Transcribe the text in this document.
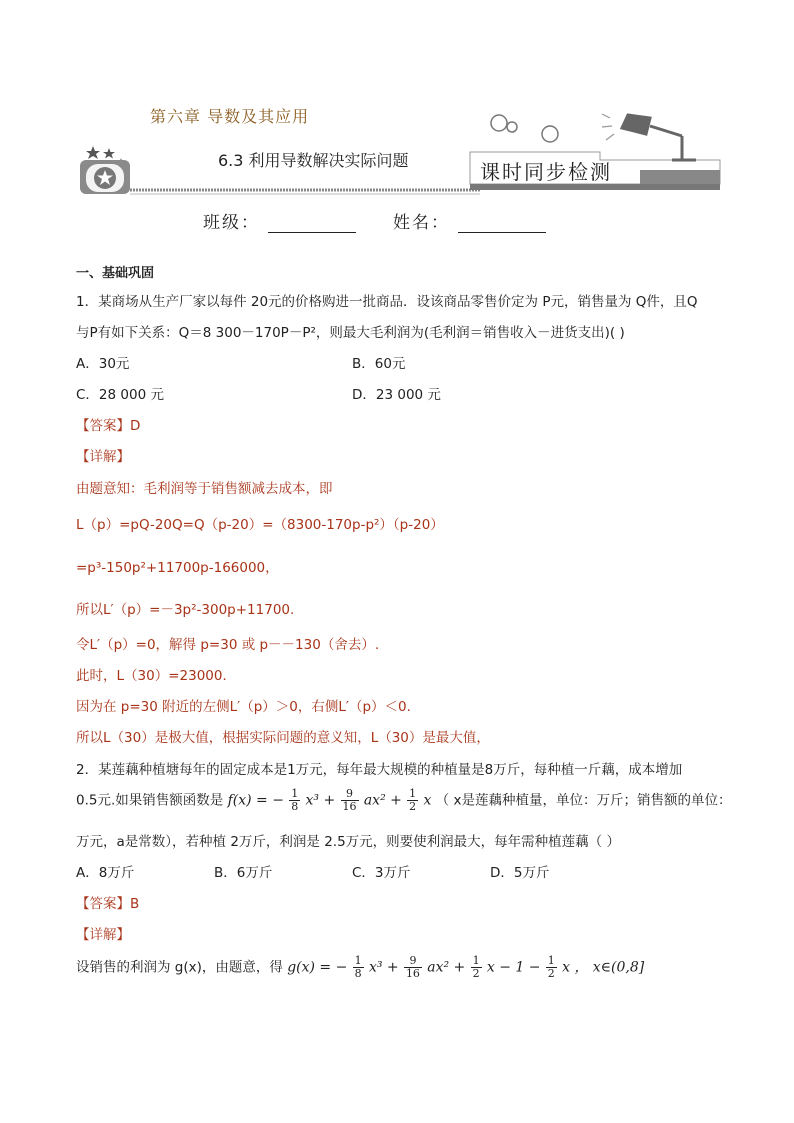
第六章 导数及其应用
6.3 利用导数解决实际问题	课时同步检测
班级：	姓名：
一、基础巩固
1．某商场从生产厂家以每件 20元的价格购进一批商品．设该商品零售价定为 P元，销售量为 Q件，且Q
与P有如下关系：Q＝8 300－170P－P²，则最大毛利润为(毛利润＝销售收入－进货支出)( )
A．30元	B．60元
C．28 000 元	D．23 000 元
【答案】D
【详解】
由题意知：毛利润等于销售额减去成本，即
L（p）=pQ-20Q=Q（p-20）=（8300-170p-p²）（p-20）
=p³-150p²+11700p-166000，
所以L′（p）=－3p²-300p+11700.
令L′（p）=0，解得 p=30 或 p－－130（舍去）.
此时，L（30）=23000．
因为在 p=30 附近的左侧L′（p）＞0，右侧L′（p）＜0.
所以L（30）是极大值，根据实际问题的意义知，L（30）是最大值，
2．某莲藕种植塘每年的固定成本是1万元，每年最大规模的种植量是8万斤，每种植一斤藕，成本增加
0.5元.如果销售额函数是 f(x) = − $\frac{1}{8} x^3 + \frac{9}{16} ax^2 + \frac{1}{2}$ x （ x是莲藕种植量，单位：万斤；销售额的单位：
万元，a是常数），若种植 2万斤，利润是 2.5万元，则要使利润最大，每年需种植莲藕（ ）
A．8万斤	B．6万斤	C．3万斤	D．5万斤
【答案】B
【详解】
设销售的利润为 g(x)，由题意，得 g(x) = − $\frac{1}{8} x^3 + \frac{9}{16} ax^2 + \frac{1}{2}$ $x - 1 - \frac{1}{2}$ x ， x∈(0,8]
